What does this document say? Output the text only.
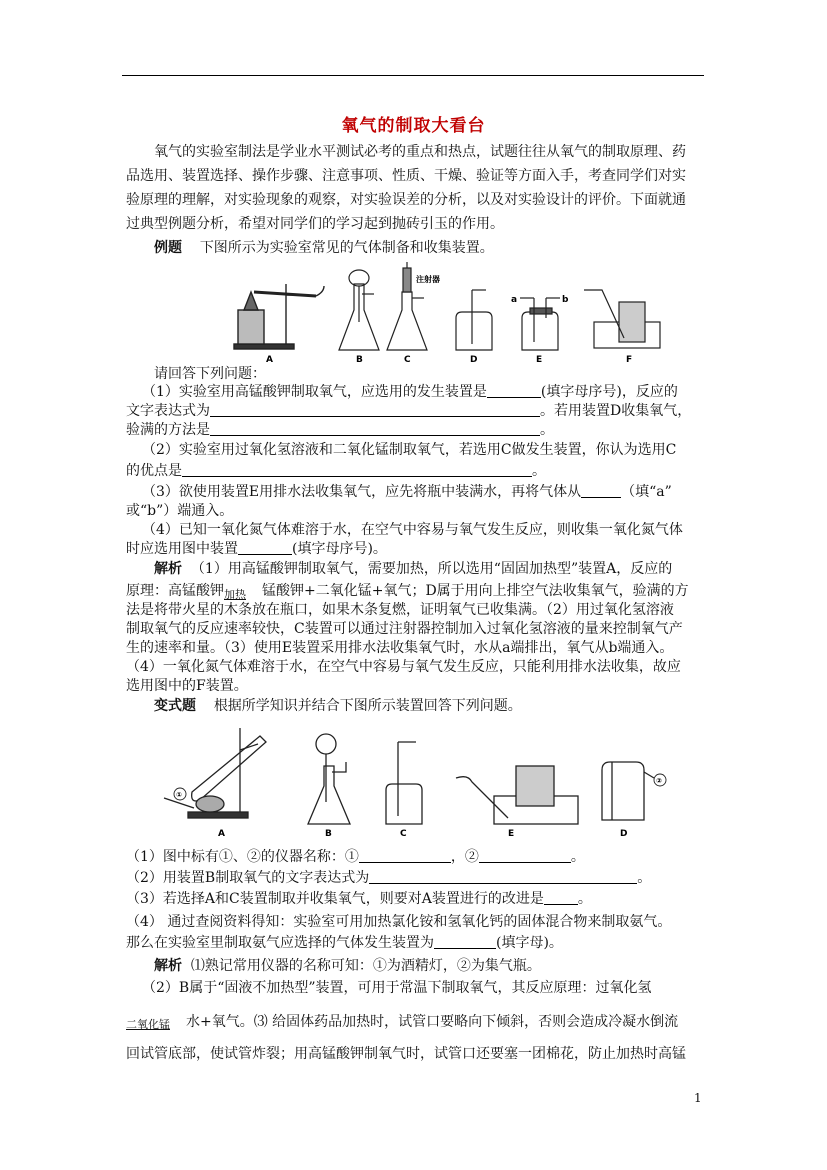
氧气的制取大看台
氧气的实验室制法是学业水平测试必考的重点和热点，试题往往从氧气的制取原理、药
品选用、装置选择、操作步骤、注意事项、性质、干燥、验证等方面入手，考查同学们对实
验原理的理解，对实验现象的观察，对实验误差的分析，以及对实验设计的评价。下面就通
过典型例题分析，希望对同学们的学习起到抛砖引玉的作用。
例题 下图所示为实验室常见的气体制备和收集装置。
A	B	C	D	E	F
注射器
a	b
请回答下列问题：
（1）实验室用高锰酸钾制取氧气，应选用的发生装置是	(填字母序号)，反应的
文字表达式为	。若用装置D收集氧气，
验满的方法是	。
（2）实验室用过氧化氢溶液和二氧化锰制取氧气，若选用C做发生装置，你认为选用C
的优点是	。
（3）欲使用装置E用排水法收集氧气，应先将瓶中装满水，再将气体从	（填“a”
或“b”）端通入。
（4）已知一氧化氮气体难溶于水，在空气中容易与氧气发生反应，则收集一氧化氮气体
时应选用图中装置	(填字母序号)。
解析 （1）用高锰酸钾制取氧气，需要加热，所以选用“固固加热型”装置A，反应的
原理：高锰酸钾 加热 锰酸钾+二氧化锰+氧气；D属于用向上排空气法收集氧气，验满的方
法是将带火星的木条放在瓶口，如果木条复燃，证明氧气已收集满。（2）用过氧化氢溶液
制取氧气的反应速率较快，C装置可以通过注射器控制加入过氧化氢溶液的量来控制氧气产
生的速率和量。（3）使用E装置采用排水法收集氧气时，水从a端排出，氧气从b端通入。
（4）一氧化氮气体难溶于水，在空气中容易与氧气发生反应，只能利用排水法收集，故应
选用图中的F装置。
变式题 根据所学知识并结合下图所示装置回答下列问题。
①
②
A	B	C	E	D
（1）图中标有①、②的仪器名称：①	，②	。
（2）用装置B制取氧气的文字表达式为	。
（3）若选择A和C装置制取并收集氧气，则要对A装置进行的改进是 。
（4） 通过查阅资料得知：实验室可用加热氯化铵和氢氧化钙的固体混合物来制取氨气。
那么在实验室里制取氨气应选择的气体发生装置为	(填字母)。
解析 ⑴熟记常用仪器的名称可知：①为酒精灯，②为集气瓶。
（2）B属于“固液不加热型”装置，可用于常温下制取氧气，其反应原理：过氧化氢
二氧化锰 水+氧气。⑶ 给固体药品加热时，试管口要略向下倾斜，否则会造成冷凝水倒流
回试管底部，使试管炸裂；用高锰酸钾制氧气时，试管口还要塞一团棉花，防止加热时高锰
1
